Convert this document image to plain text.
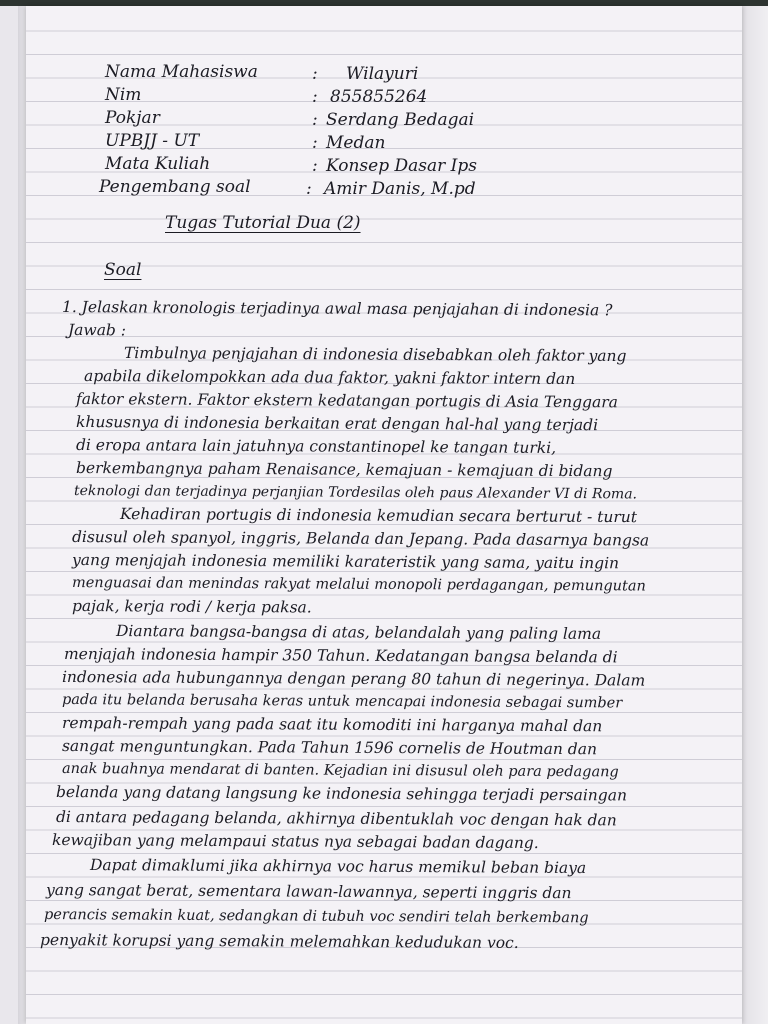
Nama Mahasiswa	: Wilayuri
Nim	: 855855264
Pokjar	: Serdang Bedagai
UPBJJ - UT	: Medan
Mata Kuliah	: Konsep Dasar Ips
Pengembang soal	: Amir Danis, M.pd
Tugas Tutorial Dua (2)
Soal
1. Jelaskan kronologis terjadinya awal masa penjajahan di indonesia ?
Jawab :
Timbulnya penjajahan di indonesia disebabkan oleh faktor yang
apabila dikelompokkan ada dua faktor, yakni faktor intern dan
faktor ekstern. Faktor ekstern kedatangan portugis di Asia Tenggara
khususnya di indonesia berkaitan erat dengan hal-hal yang terjadi
di eropa antara lain jatuhnya constantinopel ke tangan turki,
berkembangnya paham Renaisance, kemajuan - kemajuan di bidang
teknologi dan terjadinya perjanjian Tordesilas oleh paus Alexander VI di Roma.
Kehadiran portugis di indonesia kemudian secara berturut - turut
disusul oleh spanyol, inggris, Belanda dan Jepang. Pada dasarnya bangsa
yang menjajah indonesia memiliki karateristik yang sama, yaitu ingin
menguasai dan menindas rakyat melalui monopoli perdagangan, pemungutan
pajak, kerja rodi / kerja paksa.
Diantara bangsa-bangsa di atas, belandalah yang paling lama
menjajah indonesia hampir 350 Tahun. Kedatangan bangsa belanda di
indonesia ada hubungannya dengan perang 80 tahun di negerinya. Dalam
pada itu belanda berusaha keras untuk mencapai indonesia sebagai sumber
rempah-rempah yang pada saat itu komoditi ini harganya mahal dan
sangat menguntungkan. Pada Tahun 1596 cornelis de Houtman dan
anak buahnya mendarat di banten. Kejadian ini disusul oleh para pedagang
belanda yang datang langsung ke indonesia sehingga terjadi persaingan
di antara pedagang belanda, akhirnya dibentuklah voc dengan hak dan
kewajiban yang melampaui status nya sebagai badan dagang.
Dapat dimaklumi jika akhirnya voc harus memikul beban biaya
yang sangat berat, sementara lawan-lawannya, seperti inggris dan
perancis semakin kuat, sedangkan di tubuh voc sendiri telah berkembang
penyakit korupsi yang semakin melemahkan kedudukan voc.
